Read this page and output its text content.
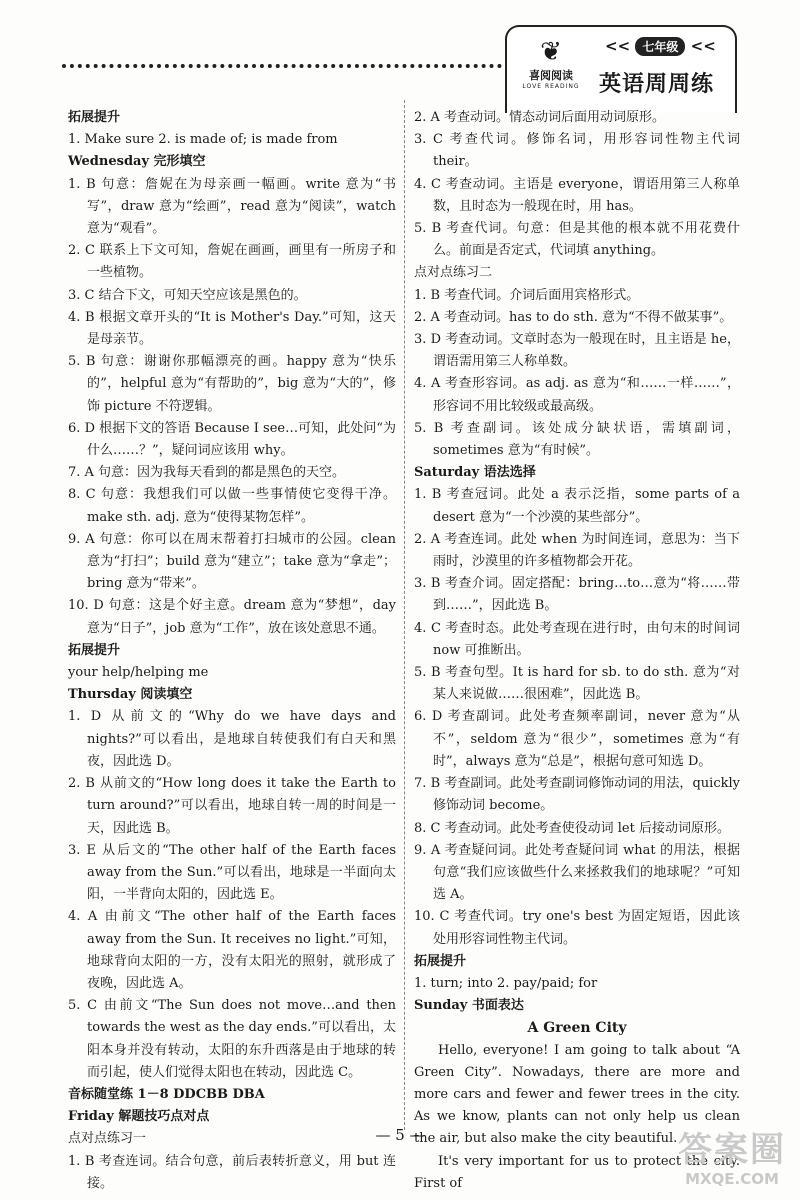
❦
喜阅阅读
LOVE READING
<< 七年级 <<
英语周周练

拓展提升

1. Make sure 2. is made of; is made from

Wednesday 完形填空

1. B 句意：詹妮在为母亲画一幅画。write 意为“书写”，draw 意为“绘画”，read 意为“阅读”，watch 意为“观看”。

2. C 联系上下文可知，詹妮在画画，画里有一所房子和一些植物。

3. C 结合下文，可知天空应该是黑色的。

4. B 根据文章开头的“It is Mother's Day.”可知，这天是母亲节。

5. B 句意：谢谢你那幅漂亮的画。happy 意为“快乐的”，helpful 意为“有帮助的”，big 意为“大的”，修饰 picture 不符逻辑。

6. D 根据下文的答语 Because I see…可知，此处问“为什么……？”，疑问词应该用 why。

7. A 句意：因为我每天看到的都是黑色的天空。

8. C 句意：我想我们可以做一些事情使它变得干净。make sth. adj. 意为“使得某物怎样”。

9. A 句意：你可以在周末帮着打扫城市的公园。clean 意为“打扫”；build 意为“建立”；take 意为“拿走”；bring 意为“带来”。

10. D 句意：这是个好主意。dream 意为“梦想”，day 意为“日子”，job 意为“工作”，放在该处意思不通。

拓展提升

your help/helping me

Thursday 阅读填空

1. D 从前文的“Why do we have days and nights?”可以看出，是地球自转使我们有白天和黑夜，因此选 D。

2. B 从前文的“How long does it take the Earth to turn around?”可以看出，地球自转一周的时间是一天，因此选 B。

3. E 从后文的“The other half of the Earth faces away from the Sun.”可以看出，地球是一半面向太阳，一半背向太阳的，因此选 E。

4. A 由前文“The other half of the Earth faces away from the Sun. It receives no light.”可知，地球背向太阳的一方，没有太阳光的照射，就形成了夜晚，因此选 A。

5. C 由前文“The Sun does not move…and then towards the west as the day ends.”可以看出，太阳本身并没有转动，太阳的东升西落是由于地球的转而引起，使人们觉得太阳也在转动，因此选 C。

音标随堂练 1－8 DDCBB DBA

Friday 解题技巧点对点

点对点练习一

1. B 考查连词。结合句意，前后表转折意义，用 but 连接。

2. A 考查动词。情态动词后面用动词原形。

3. C 考查代词。修饰名词，用形容词性物主代词 their。

4. C 考查动词。主语是 everyone，谓语用第三人称单数，且时态为一般现在时，用 has。

5. B 考查代词。句意：但是其他的根本就不用花费什么。前面是否定式，代词填 anything。

点对点练习二

1. B 考查代词。介词后面用宾格形式。

2. A 考查动词。has to do sth. 意为“不得不做某事”。

3. D 考查动词。文章时态为一般现在时，且主语是 he，谓语需用第三人称单数。

4. A 考查形容词。as adj. as 意为“和……一样……”，形容词不用比较级或最高级。

5. B 考查副词。该处成分缺状语，需填副词，sometimes 意为“有时候”。

Saturday 语法选择

1. B 考查冠词。此处 a 表示泛指，some parts of a desert 意为“一个沙漠的某些部分”。

2. A 考查连词。此处 when 为时间连词，意思为：当下雨时，沙漠里的许多植物都会开花。

3. B 考查介词。固定搭配：bring…to…意为“将……带到……”，因此选 B。

4. C 考查时态。此处考查现在进行时，由句末的时间词 now 可推断出。

5. B 考查句型。It is hard for sb. to do sth. 意为“对某人来说做……很困难”，因此选 B。

6. D 考查副词。此处考查频率副词，never 意为“从不”，seldom 意为“很少”，sometimes 意为“有时”，always 意为“总是”，根据句意可知选 D。

7. B 考查副词。此处考查副词修饰动词的用法，quickly 修饰动词 become。

8. C 考查动词。此处考查使役动词 let 后接动词原形。

9. A 考查疑问词。此处考查疑问词 what 的用法，根据句意“我们应该做些什么来拯救我们的地球呢？”可知选 A。

10. C 考查代词。try one's best 为固定短语，因此该处用形容词性物主代词。

拓展提升

1. turn; into 2. pay/paid; for

Sunday 书面表达

A Green City

Hello, everyone! I am going to talk about “A Green City”. Nowadays, there are more and more cars and fewer and fewer trees in the city. As we know, plants can not only help us clean the air, but also make the city beautiful.

It's very important for us to protect the city. First of

— 5 —	答案圈
MXQE.COM
